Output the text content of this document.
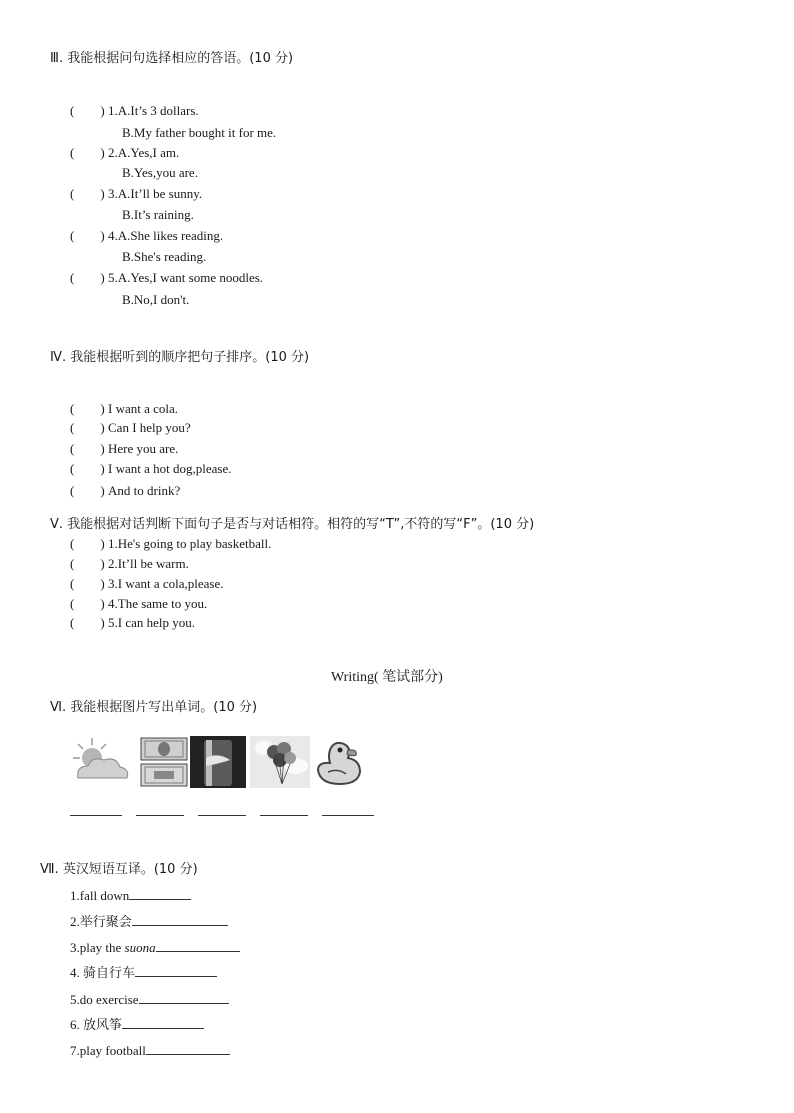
Ⅲ. 我能根据问句选择相应的答语。(10 分)
(        ) 1.A.It’s 3 dollars.
B.My father bought it for me.
(        ) 2.A.Yes,I am.
B.Yes,you are.
(        ) 3.A.It’ll be sunny.
B.It’s raining.
(        ) 4.A.She likes reading.
B.She's reading.
(        ) 5.A.Yes,I want some noodles.
B.No,I don't.
Ⅳ. 我能根据听到的顺序把句子排序。(10 分)
(        ) I want a cola.
(        ) Can I help you?
(        ) Here you are.
(        ) I want a hot dog,please.
(        ) And to drink?
Ⅴ. 我能根据对话判断下面句子是否与对话相符。相符的写“T”,不符的写“F”。(10 分)
(        ) 1.He's going to play basketball.
(        ) 2.It’ll be warm.
(        ) 3.I want a cola,please.
(        ) 4.The same to you.
(        ) 5.I can help you.
Writing( 笔试部分)
Ⅵ. 我能根据图片写出单词。(10 分)
Ⅶ. 英汉短语互译。(10 分)
1.fall down
2.举行聚会
3.play the suona
4. 骑自行车
5.do exercise
6. 放风筝
7.play football
